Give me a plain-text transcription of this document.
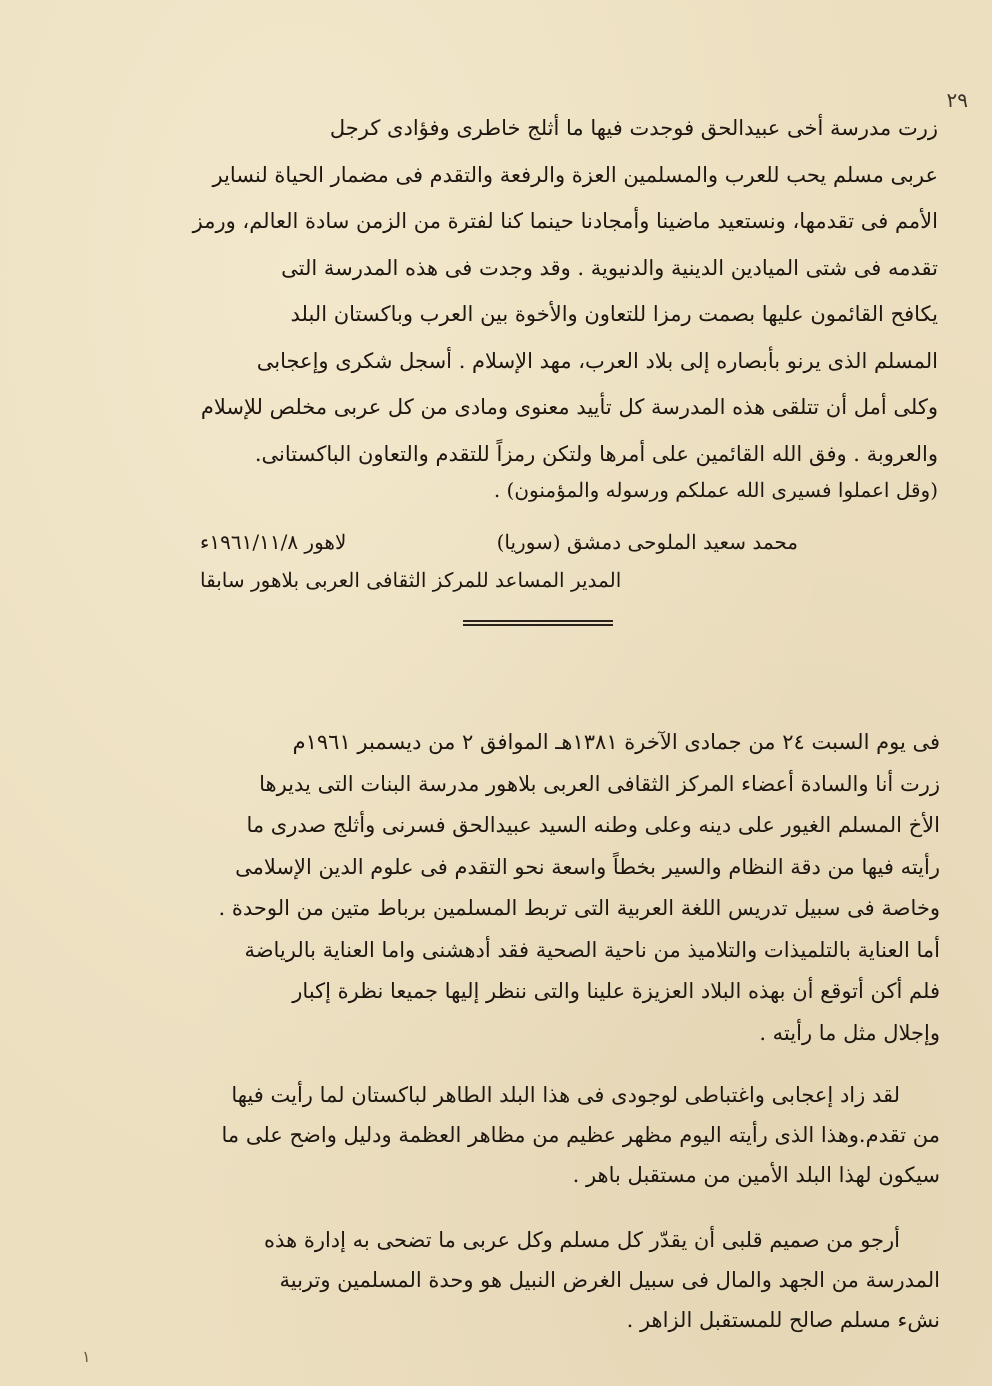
٢٩
زرت مدرسة أخى عبيدالحق فوجدت فيها ما أثلج خاطرى وفؤادى كرجل
عربى مسلم يحب للعرب والمسلمين العزة والرفعة والتقدم فى مضمار الحياة لنساير
الأمم فى تقدمها، ونستعيد ماضينا وأمجادنا حينما كنا لفترة من الزمن سادة العالم، ورمز
تقدمه فى شتى الميادين الدينية والدنيوية . وقد وجدت فى هذه المدرسة التى
يكافح القائمون عليها بصمت رمزا للتعاون والأخوة بين العرب وباكستان البلد
المسلم الذى يرنو بأبصاره إلى بلاد العرب، مهد الإسلام . أسجل شكرى وإعجابى
وكلى أمل أن تتلقى هذه المدرسة كل تأييد معنوى ومادى من كل عربى مخلص للإسلام
والعروبة . وفق الله القائمين على أمرها ولتكن رمزاً للتقدم والتعاون الباكستانى.
(وقل اعملوا فسيرى الله عملكم ورسوله والمؤمنون) .
محمد سعيد الملوحى دمشق (سوريا)
لاهور ١٩٦١/١١/٨ء
المدير المساعد للمركز الثقافى العربى بلاهور سابقا
فى يوم السبت ٢٤ من جمادى الآخرة ١٣٨١هـ الموافق ٢ من ديسمبر ١٩٦١م
زرت أنا والسادة أعضاء المركز الثقافى العربى بلاهور مدرسة البنات التى يديرها
الأخ المسلم الغيور على دينه وعلى وطنه السيد عبيدالحق فسرنى وأثلج صدرى ما
رأيته فيها من دقة النظام والسير بخطاً واسعة نحو التقدم فى علوم الدين الإسلامى
وخاصة فى سبيل تدريس اللغة العربية التى تربط المسلمين برباط متين من الوحدة .
أما العناية بالتلميذات والتلاميذ من ناحية الصحية فقد أدهشنى واما العناية بالرياضة
فلم أكن أتوقع أن بهذه البلاد العزيزة علينا والتى ننظر إليها جميعا نظرة إكبار
وإجلال مثل ما رأيته .
لقد زاد إعجابى واغتباطى لوجودى فى هذا البلد الطاهر لباكستان لما رأيت فيها
من تقدم.وهذا الذى رأيته اليوم مظهر عظيم من مظاهر العظمة ودليل واضح على ما
سيكون لهذا البلد الأمين من مستقبل باهر .
أرجو من صميم قلبى أن يقدّر كل مسلم وكل عربى ما تضحى به إدارة هذه
المدرسة من الجهد والمال فى سبيل الغرض النبيل هو وحدة المسلمين وتربية
نشء مسلم صالح للمستقبل الزاهر .
١
